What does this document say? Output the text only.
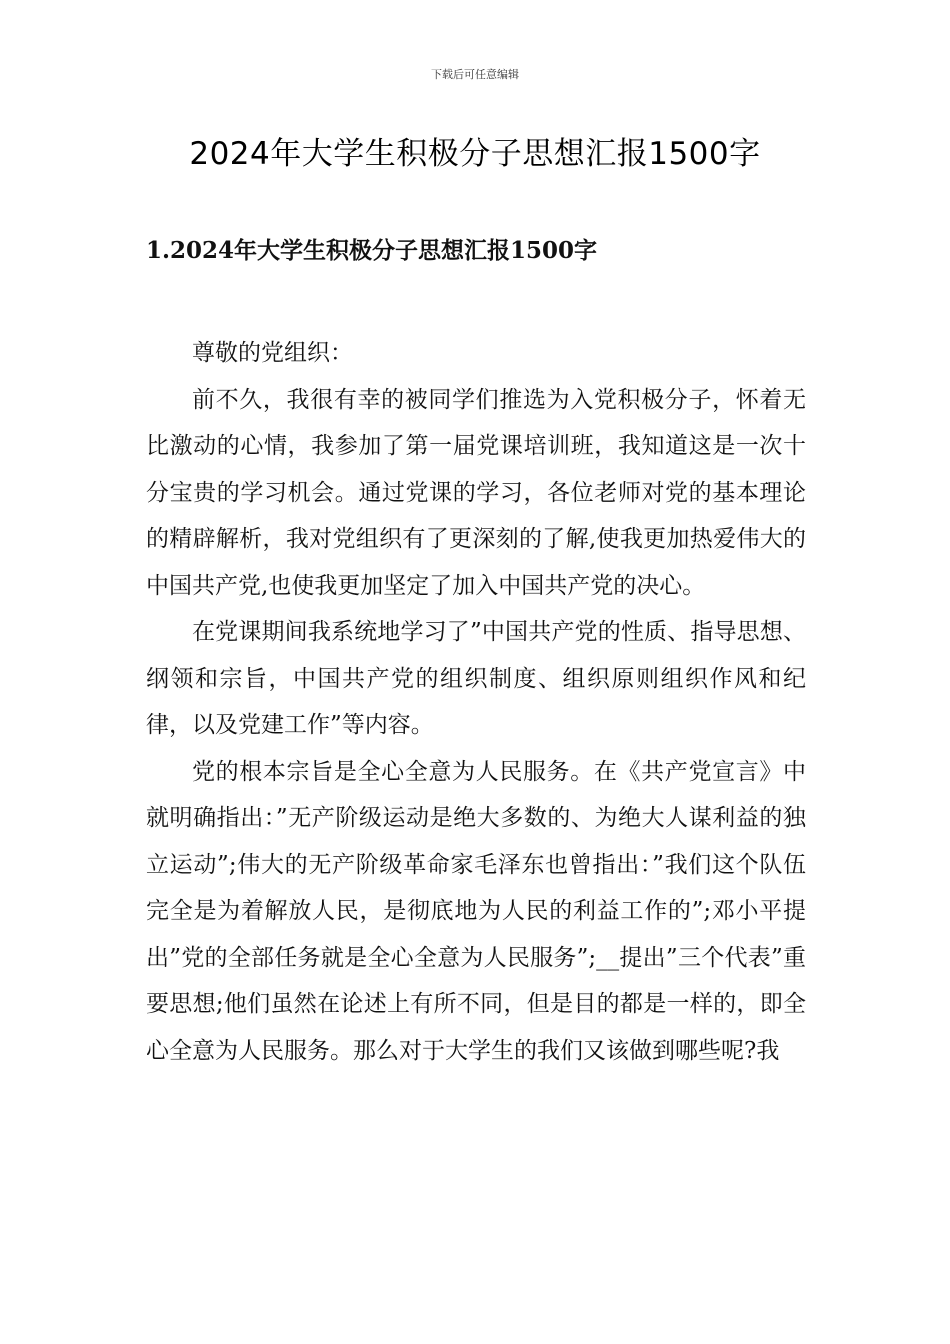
下载后可任意编辑
2024年大学生积极分子思想汇报1500字
1.2024年大学生积极分子思想汇报1500字

尊敬的党组织：

前不久，我很有幸的被同学们推选为入党积极分子，怀着无比激动的心情，我参加了第一届党课培训班，我知道这是一次十分宝贵的学习机会。通过党课的学习，各位老师对党的基本理论的精辟解析，我对党组织有了更深刻的了解,使我更加热爱伟大的中国共产党,也使我更加坚定了加入中国共产党的决心。

在党课期间我系统地学习了”中国共产党的性质、指导思想、纲领和宗旨，中国共产党的组织制度、组织原则组织作风和纪律，以及党建工作”等内容。

党的根本宗旨是全心全意为人民服务。在《共产党宣言》中就明确指出：”无产阶级运动是绝大多数的、为绝大人谋利益的独立运动”;伟大的无产阶级革命家毛泽东也曾指出：”我们这个队伍完全是为着解放人民，是彻底地为人民的利益工作的”;邓小平提出”党的全部任务就是全心全意为人民服务”;__提出”三个代表”重要思想;他们虽然在论述上有所不同，但是目的都是一样的，即全心全意为人民服务。那么对于大学生的我们又该做到哪些呢?我
